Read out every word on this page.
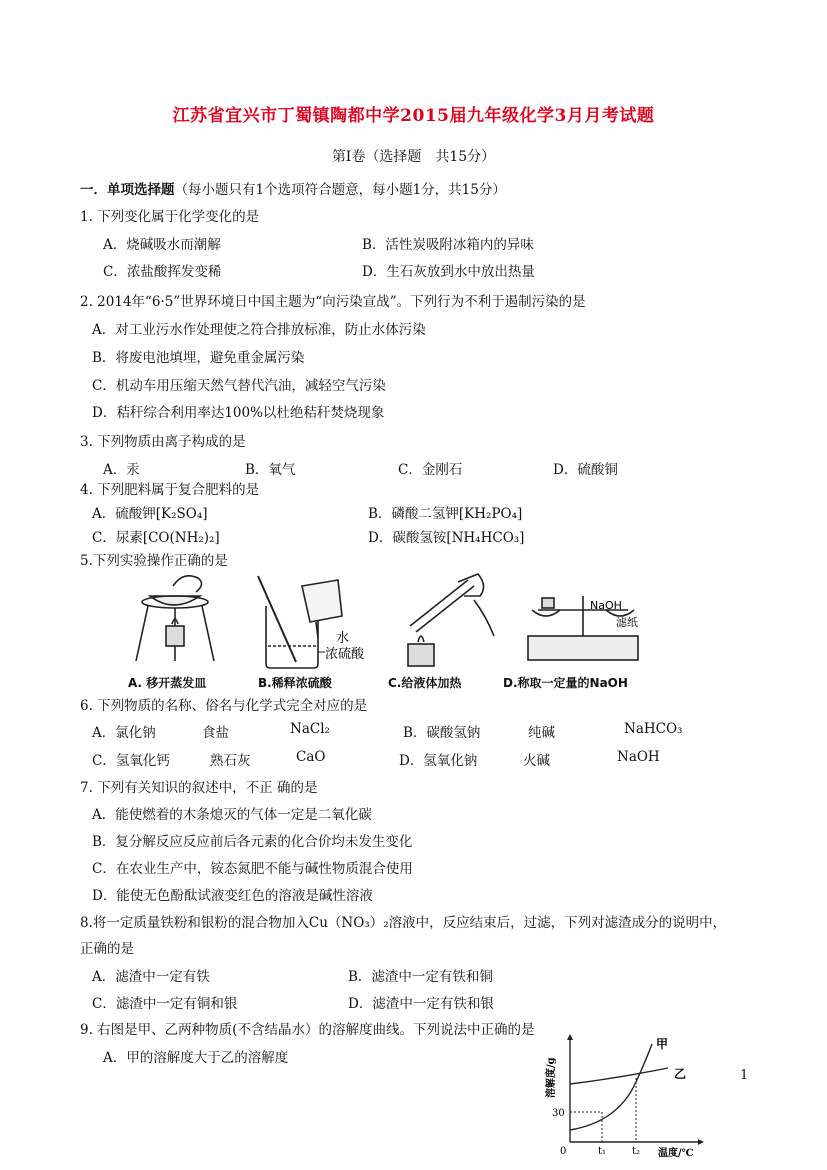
江苏省宜兴市丁蜀镇陶都中学2015届九年级化学3月月考试题
第Ⅰ卷（选择题　共15分）
一．单项选择题（每小题只有1个选项符合题意，每小题1分，共15分）
1. 下列变化属于化学变化的是
A．烧碱吸水而潮解	B．活性炭吸附冰箱内的异味
C．浓盐酸挥发变稀	D．生石灰放到水中放出热量
2. 2014年“6·5”世界环境日中国主题为“向污染宣战”。下列行为不利于遏制污染的是
A．对工业污水作处理使之符合排放标准，防止水体污染
B．将废电池填埋，避免重金属污染
C．机动车用压缩天然气替代汽油，减轻空气污染
D．秸秆综合利用率达100%以杜绝秸秆焚烧现象
3. 下列物质由离子构成的是
A．汞	B．氧气	C．金刚石	D．硫酸铜
4. 下列肥料属于复合肥料的是
A．硫酸钾[K₂SO₄]	B．磷酸二氢钾[KH₂PO₄]
C．尿素[CO(NH₂)₂]	D．碳酸氢铵[NH₄HCO₃]
5.下列实验操作正确的是
水
浓硫酸
NaOH
滤纸
A. 移开蒸发皿	B.稀释浓硫酸	C.给液体加热	D.称取一定量的NaOH
6. 下列物质的名称、俗名与化学式完全对应的是
A．氯化钠	食盐	NaCl₂	B．碳酸氢钠	纯碱	NaHCO₃
C．氢氧化钙	熟石灰	CaO	D．氢氧化钠	火碱	NaOH
7. 下列有关知识的叙述中，不正 确的是
A．能使燃着的木条熄灭的气体一定是二氧化碳
B．复分解反应反应前后各元素的化合价均未发生变化
C．在农业生产中，铵态氮肥不能与碱性物质混合使用
D．能使无色酚酞试液变红色的溶液是碱性溶液
8.将一定质量铁粉和银粉的混合物加入Cu（NO₃）₂溶液中，反应结束后，过滤，下列对滤渣成分的说明中，
正确的是
A．滤渣中一定有铁	B．滤渣中一定有铁和铜
C．滤渣中一定有铜和银	D．滤渣中一定有铁和银
9. 右图是甲、乙两种物质(不含结晶水）的溶解度曲线。下列说法中正确的是
A．甲的溶解度大于乙的溶解度	溶解度/g
30
0	t₁	t₂ 温度/℃
甲
乙	1
